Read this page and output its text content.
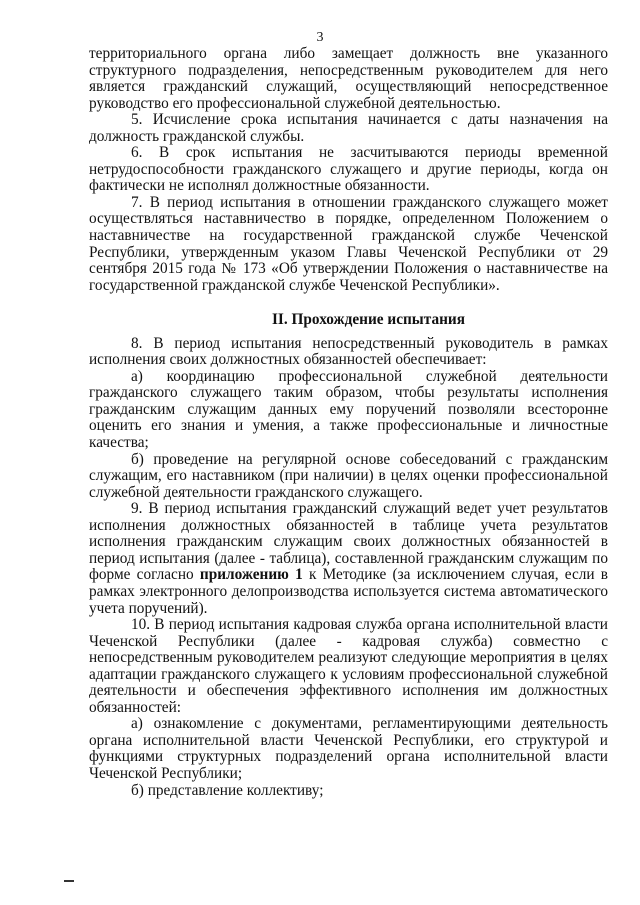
3

территориального органа либо замещает должность вне указанного структурного подразделения, непосредственным руководителем для него является гражданский служащий, осуществляющий непосредственное руководство его профессиональной служебной деятельностью.

5. Исчисление срока испытания начинается с даты назначения на должность гражданской службы.

6. В срок испытания не засчитываются периоды временной нетрудоспособности гражданского служащего и другие периоды, когда он фактически не исполнял должностные обязанности.

7. В период испытания в отношении гражданского служащего может осуществляться наставничество в порядке, определенном Положением о наставничестве на государственной гражданской службе Чеченской Республики, утвержденным указом Главы Чеченской Республики от 29 сентября 2015 года № 173 «Об утверждении Положения о наставничестве на государственной гражданской службе Чеченской Республики».

II. Прохождение испытания

8. В период испытания непосредственный руководитель в рамках исполнения своих должностных обязанностей обеспечивает:

а) координацию профессиональной служебной деятельности гражданского служащего таким образом, чтобы результаты исполнения гражданским служащим данных ему поручений позволяли всесторонне оценить его знания и умения, а также профессиональные и личностные качества;

б) проведение на регулярной основе собеседований с гражданским служащим, его наставником (при наличии) в целях оценки профессиональной служебной деятельности гражданского служащего.

9. В период испытания гражданский служащий ведет учет результатов исполнения должностных обязанностей в таблице учета результатов исполнения гражданским служащим своих должностных обязанностей в период испытания (далее - таблица), составленной гражданским служащим по форме согласно приложению 1 к Методике (за исключением случая, если в рамках электронного делопроизводства используется система автоматического учета поручений).

10. В период испытания кадровая служба органа исполнительной власти Чеченской Республики (далее - кадровая служба) совместно с непосредственным руководителем реализуют следующие мероприятия в целях адаптации гражданского служащего к условиям профессиональной служебной деятельности и обеспечения эффективного исполнения им должностных обязанностей:

а) ознакомление с документами, регламентирующими деятельность органа исполнительной власти Чеченской Республики, его структурой и функциями структурных подразделений органа исполнительной власти Чеченской Республики;

б) представление коллективу;
